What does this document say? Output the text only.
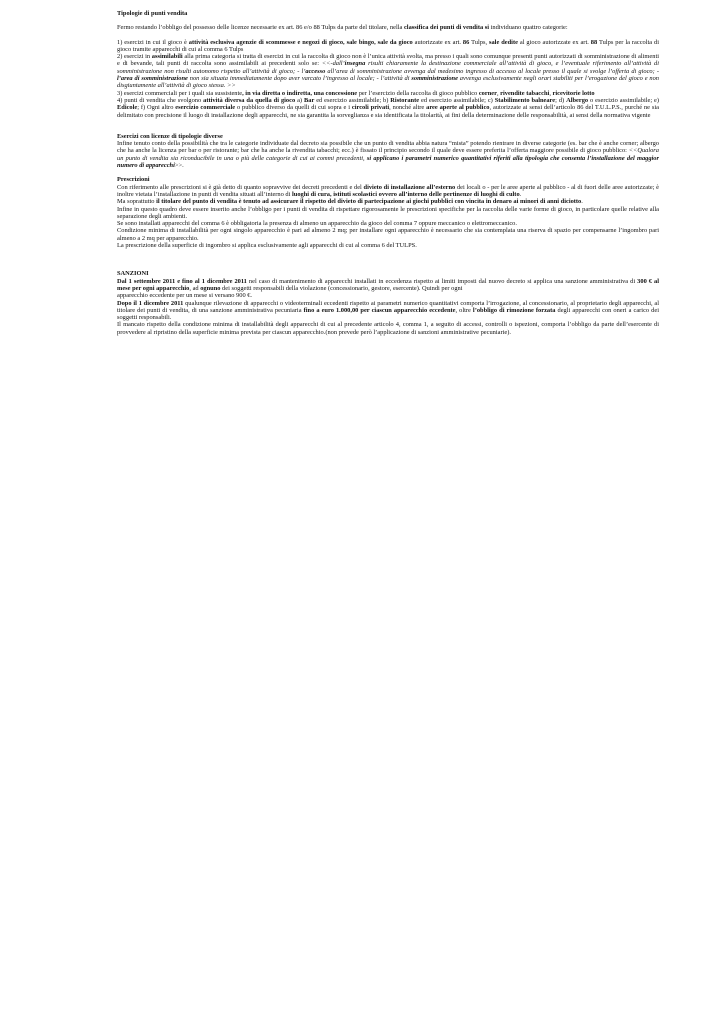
Tipologie di punti vendita

Fermo restando l’obbligo del possesso delle licenze necessarie ex art. 86 e/o 88 Tulps da parte del titolare, nella classifica dei punti di vendita si individuano quattro categorie:

1) esercizi in cui il gioco è attività esclusiva agenzie di scommesse e negozi di gioco, sale bingo, sale da gioco autorizzate ex art. 86 Tulps, sale dedite al gioco autorizzate ex art. 88 Tulps per la raccolta di gioco tramite apparecchi di cui al comma 6 Tulps

2) esercizi in assimilabili alla prima categoria si tratta di esercizi in cui la raccolta di gioco non è l’unica attività svolta, ma presso i quali sono comunque presenti punti autorizzati di somministrazione di alimenti e di bevande, tali punti di raccolta sono assimilabili ai precedenti solo se: <<-dall’insegna risulti chiaramente la destinazione commerciale all’attività di gioco, e l’eventuale riferimento all’attività di somministrazione non risulti autonomo rispetto all’attività di gioco; - l’accesso all’area di somministrazione avvenga dal medesimo ingresso di accesso al locale presso il quale si svolge l’offerta di gioco; - l’area di somministrazione non sia situata immediatamente dopo aver varcato l’ingresso al locale; - l’attività di somministrazione avvenga esclusivamente negli orari stabiliti per l’erogazione del gioco e non disgiuntamente all’attività di gioco stessa. >>

3) esercizi commerciali per i quali sia sussistente, in via diretta o indiretta, una concessione per l’esercizio della raccolta di gioco pubblico corner, rivendite tabacchi, ricevitorie lotto

4) punti di vendita che svolgono attività diversa da quella di gioco a) Bar ed esercizio assimilabile; b) Ristorante ed esercizio assimilabile; c) Stabilimento balneare; d) Albergo o esercizio assimilabile; e) Edicole; f) Ogni altro esercizio commerciale o pubblico diverso da quelli di cui sopra e i circoli privati, nonché altre aree aperte al pubblico, autorizzate ai sensi dell’articolo 86 del T.U.L.P.S., purché ne sia delimitato con precisione il luogo di installazione degli apparecchi, ne sia garantita la sorveglianza e sia identificata la titolarità, ai fini della determinazione delle responsabilità, ai sensi della normativa vigente

Esercizi con licenze di tipologie diverse

Infine tenuto conto della possibilità che tra le categorie individuate dal decreto sia possibile che un punto di vendita abbia natura “mista” potendo rientrare in diverse categorie (es. bar che è anche corner; albergo che ha anche la licenza per bar o per ristorante; bar che ha anche la rivendita tabacchi; ecc.) è fissato il principio secondo il quale deve essere preferita l’offerta maggiore possibile di gioco pubblico: <<Qualora un punto di vendita sia riconducibile in una o più delle categorie di cui ai commi precedenti, si applicano i parametri numerico quantitativi riferiti alla tipologia che consenta l’installazione del maggior numero di apparecchi>>.

Prescrizioni

Con riferimento alle prescrizioni si è già detto di quanto sopravvive dei decreti precedenti e del divieto di installazione all’esterno dei locali o - per le aree aperte al pubblico - al di fuori delle aree autorizzate; è inoltre vietata l’installazione in punti di vendita situati all’interno di luoghi di cura, istituti scolastici ovvero all’interno delle pertinenze di luoghi di culto.

Ma soprattutto il titolare del punto di vendita è tenuto ad assicurare il rispetto del divieto di partecipazione ai giochi pubblici con vincita in denaro ai minori di anni diciotto.

Infine in questo quadro deve essere inserito anche l’obbligo per i punti di vendita di rispettare rigorosamente le prescrizioni specifiche per la raccolta delle varie forme di gioco, in particolare quelle relative alla separazione degli ambienti.

Se sono installati apparecchi del comma 6 è obbligatoria la presenza di almeno un apparecchio da gioco del comma 7 oppure meccanico o elettromeccanico.

Condizione minima di installabilità per ogni singolo apparecchio è pari ad almeno 2 mq; per installare ogni apparecchio è necessario che sia contemplata una riserva di spazio per compensarne l’ingombro pari almeno a 2 mq per apparecchio.

La prescrizione della superficie di ingombro si applica esclusivamente agli apparecchi di cui al comma 6 del TULPS.

SANZIONI

Dal 1 settembre 2011 e fino al 1 dicembre 2011 nel caso di mantenimento di apparecchi installati in eccedenza rispetto ai limiti imposti dal nuovo decreto si applica una sanzione amministrativa di 300 € al mese per ogni apparecchio, ad ognuno dei soggetti responsabili della violazione (concessionario, gestore, esercente). Quindi per ogni

apparecchio eccedente per un mese si versano 900 €.

Dopo il 1 dicembre 2011 qualunque rilevazione di apparecchi o videoterminali eccedenti rispetto ai parametri numerico quantitativi comporta l’irrogazione, al concessionario, al proprietario degli apparecchi, al titolare dei punti di vendita, di una sanzione amministrativa pecuniaria fino a euro 1.000,00 per ciascun apparecchio eccedente, oltre l’obbligo di rimozione forzata degli apparecchi con oneri a carico dei soggetti responsabili.

Il mancato rispetto della condizione minima di installabilità degli apparecchi di cui al precedente articolo 4, comma 1, a seguito di accessi, controlli o ispezioni, comporta l’obbligo da parte dell’esercente di provvedere al ripristino della superficie minima prevista per ciascun apparecchio.(non prevede però l’applicazione di sanzioni amministrative pecuniarie).
